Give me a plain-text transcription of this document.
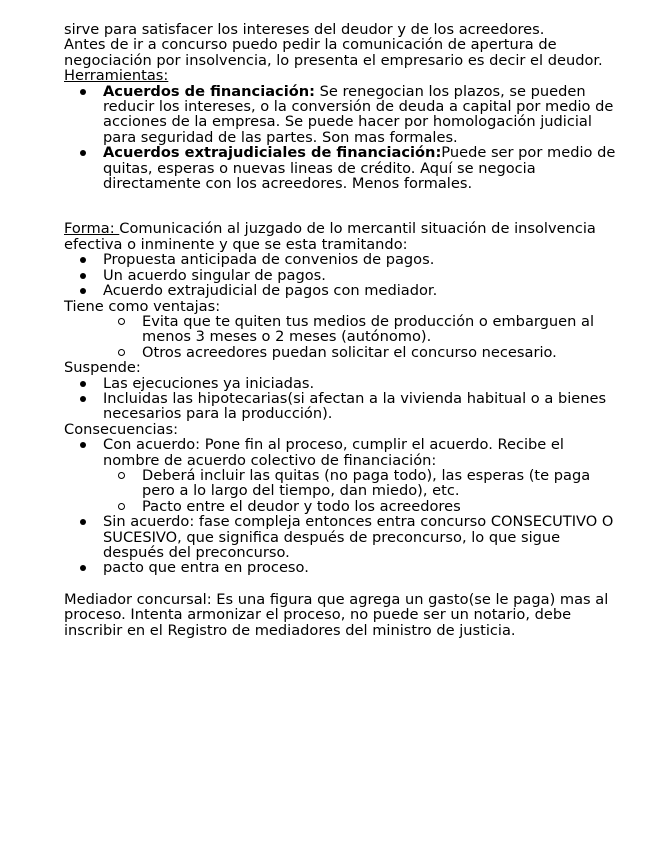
sirve para satisfacer los intereses del deudor y de los acreedores.

Antes de ir a concurso puedo pedir la comunicación de apertura de negociación por insolvencia, lo presenta el empresario es decir el deudor.

Herramientas:

Acuerdos de financiación: Se renegocian los plazos, se pueden reducir los intereses, o la conversión de deuda a capital por medio de acciones de la empresa. Se puede hacer por homologación judicial para seguridad de las partes. Son mas formales.
Acuerdos extrajudiciales de financiación:Puede ser por medio de quitas, esperas o nuevas lineas de crédito. Aquí se negocia directamente con los acreedores. Menos formales.

Forma: Comunicación al juzgado de lo mercantil situación de insolvencia efectiva o inminente y que se esta tramitando:

Propuesta anticipada de convenios de pagos.
Un acuerdo singular de pagos.
Acuerdo extrajudicial de pagos con mediador.

Tiene como ventajas:

Evita que te quiten tus medios de producción o embarguen al menos 3 meses o 2 meses (autónomo).
Otros acreedores puedan solicitar el concurso necesario.

Suspende:

Las ejecuciones ya iniciadas.
Incluidas las hipotecarias(si afectan a la vivienda habitual o a bienes necesarios para la producción).

Consecuencias:

Con acuerdo: Pone fin al proceso, cumplir el acuerdo. Recibe el nombre de acuerdo colectivo de financiación:
Deberá incluir las quitas (no paga todo), las esperas (te paga pero a lo largo del tiempo, dan miedo), etc.
Pacto entre el deudor y todo los acreedores
Sin acuerdo: fase compleja entonces entra concurso CONSECUTIVO O SUCESIVO, que significa después de preconcurso, lo que sigue después del preconcurso.
pacto que entra en proceso.

Mediador concursal: Es una figura que agrega un gasto(se le paga) mas al proceso. Intenta armonizar el proceso, no puede ser un notario, debe inscribir en el Registro de mediadores del ministro de justicia.
